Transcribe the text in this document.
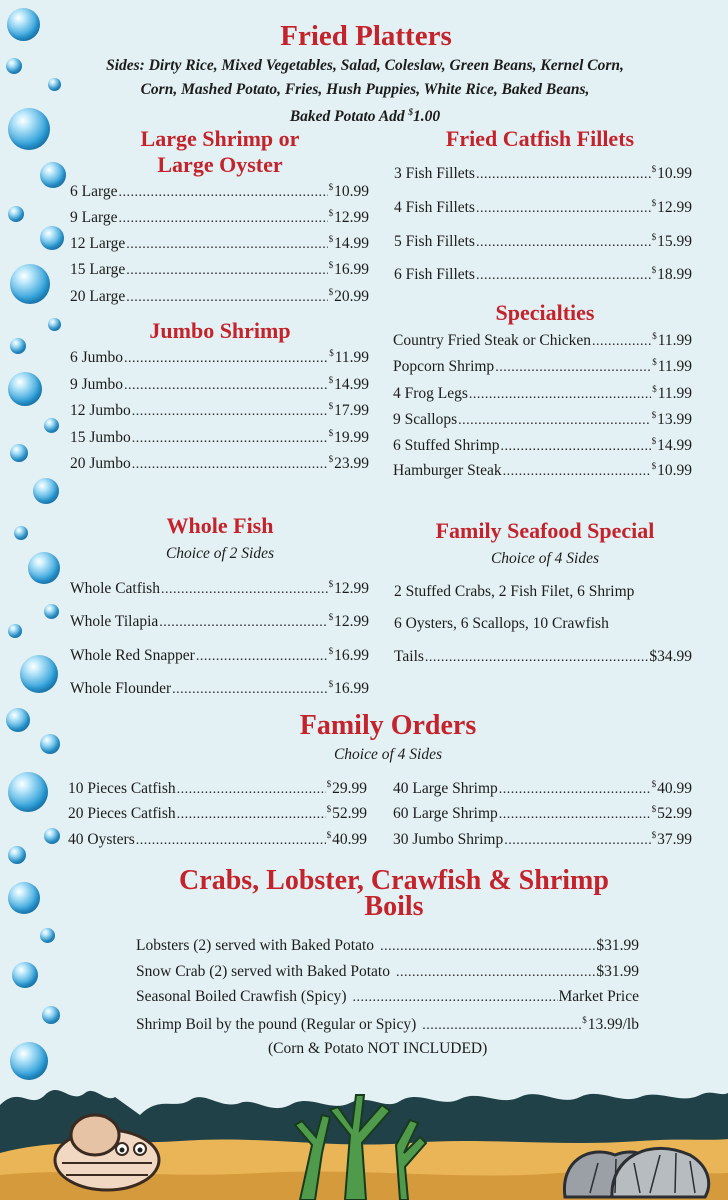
Fried Platters
Sides: Dirty Rice, Mixed Vegetables, Salad, Coleslaw, Green Beans, Kernel Corn,
Corn, Mashed Potato, Fries, Hush Puppies, White Rice, Baked Beans,
Baked Potato Add $1.00
Large Shrimp or
Large Oyster
6 Large .....	$10.99
9 Large .....	$12.99
12 Large .....	$14.99
15 Large .....	$16.99
20 Large .....	$20.99
Jumbo Shrimp
6 Jumbo .....	$11.99
9 Jumbo .....	$14.99
12 Jumbo .....	$17.99
15 Jumbo .....	$19.99
20 Jumbo .....	$23.99
Fried Catfish Fillets
3 Fish Fillets .....	$10.99
4 Fish Fillets .....	$12.99
5 Fish Fillets .....	$15.99
6 Fish Fillets .....	$18.99
Specialties
Country Fried Steak or Chicken .....	$11.99
Popcorn Shrimp .....	$11.99
4 Frog Legs .....	$11.99
9 Scallops .....	$13.99
6 Stuffed Shrimp .....	$14.99
Hamburger Steak .....	$10.99
Whole Fish
Choice of 2 Sides
Whole Catfish .....	$12.99
Whole Tilapia .....	$12.99
Whole Red Snapper .....	$16.99
Whole Flounder .....	$16.99
Family Seafood Special
Choice of 4 Sides
2 Stuffed Crabs, 2 Fish Filet, 6 Shrimp
6 Oysters, 6 Scallops, 10 Crawfish
Tails .....	$34.99
Family Orders
Choice of 4 Sides
10 Pieces Catfish .....	$29.99
20 Pieces Catfish .....	$52.99
40 Oysters .....	$40.99
40 Large Shrimp .....	$40.99
60 Large Shrimp .....	$52.99
30 Jumbo Shrimp .....	$37.99
Crabs, Lobster, Crawfish & Shrimp
Boils
Lobsters (2) served with Baked Potato .....	$31.99
Snow Crab (2) served with Baked Potato .....	$31.99
Seasonal Boiled Crawfish (Spicy) .....	Market Price
Shrimp Boil by the pound (Regular or Spicy) .....	$13.99/lb
(Corn & Potato NOT INCLUDED)
